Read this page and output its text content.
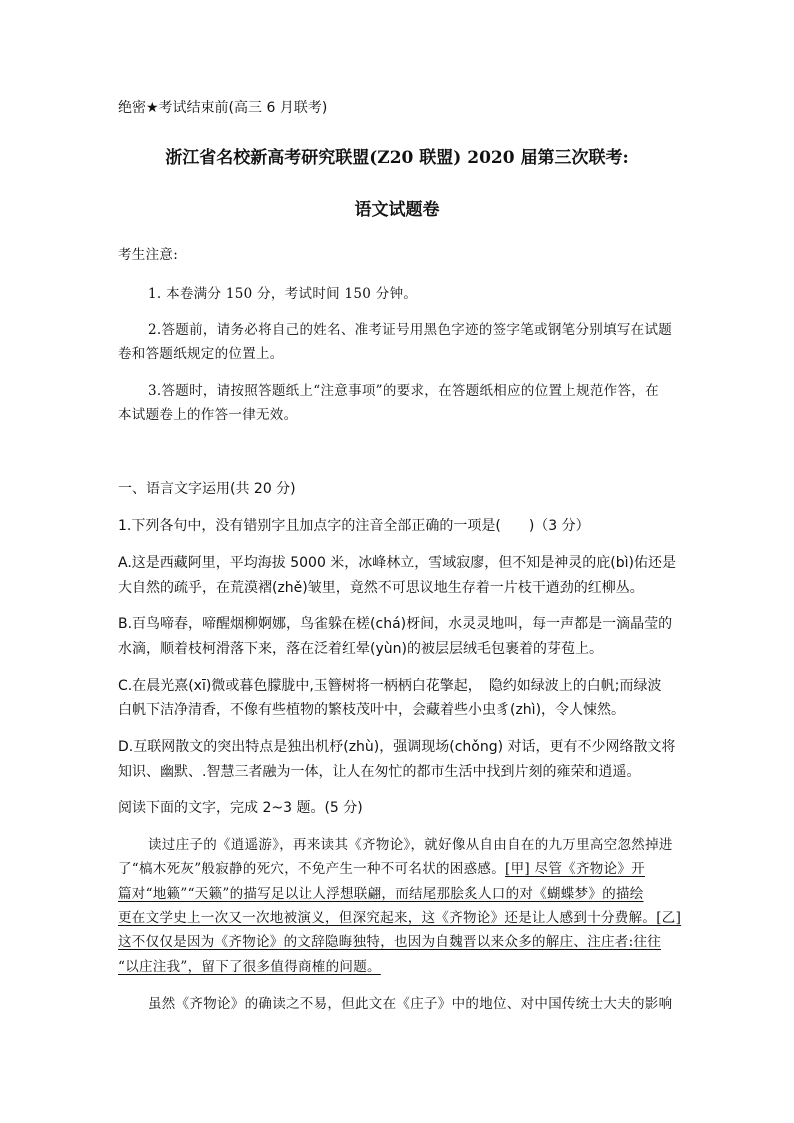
绝密★考试结束前(高三 6 月联考)
浙江省名校新高考研究联盟(Z20 联盟) 2020 届第三次联考:
语文试题卷
考生注意:
1. 本卷满分 150 分，考试时间 150 分钟。
2.答题前，请务必将自己的姓名、准考证号用黑色字迹的签字笔或钢笔分别填写在试题
卷和答题纸规定的位置上。
3.答题时，请按照答题纸上“注意事项”的要求，在答题纸相应的位置上规范作答，在
本试题卷上的作答一律无效。
一、语言文字运用(共 20 分)
1.下列各句中，没有错别字且加点字的注音全部正确的一项是(　　)（3 分）
A.这是西藏阿里，平均海拔 5000 米，冰峰林立，雪域寂廖，但不知是神灵的庇(bì)佑还是
大自然的疏乎，在荒漠褶(zhě)皱里，竟然不可思议地生存着一片枝干遒劲的红柳丛。
B.百鸟啼春，啼醒烟柳婀娜，鸟雀躲在槎(chá)枒间，水灵灵地叫，每一声都是一滴晶莹的
水滴，顺着枝柯滑落下来，落在泛着红晕(yùn)的被层层绒毛包裹着的芽苞上。
C.在晨光熹(xī)微或暮色朦胧中,玉簪树将一柄柄白花擎起，　隐约如绿波上的白帆;而绿波
白帆下洁净清香，不像有些植物的繁枝茂叶中，会藏着些小虫豸(zhì)，令人悚然。
D.互联网散文的突出特点是独出机杼(zhù)，强调现场(chǒng) 对话，更有不少网络散文将
知识、幽默、.智慧三者融为一体，让人在匆忙的都市生活中找到片刻的雍荣和逍遥。
阅读下面的文字，完成 2~3 题。(5 分)
读过庄子的《逍遥游》，再来读其《齐物论》，就好像从自由自在的九万里高空忽然掉进
了“槁木死灰”般寂静的死穴，不免产生一种不可名状的困惑感。[甲] 尽管《齐物论》开
篇对“地籁”“天籁”的描写足以让人浮想联翩，而结尾那脍炙人口的对《蝴蝶梦》的描绘
更在文学史上一次又一次地被演义，但深究起来，这《齐物论》还是让人感到十分费解。[乙]
这不仅仅是因为《齐物论》的文辞隐晦独特，也因为自魏晋以来众多的解庄、注庄者:往往
“以庄注我”，留下了很多值得商榷的问题。
虽然《齐物论》的确读之不易，但此文在《庄子》中的地位、对中国传统士大夫的影响
